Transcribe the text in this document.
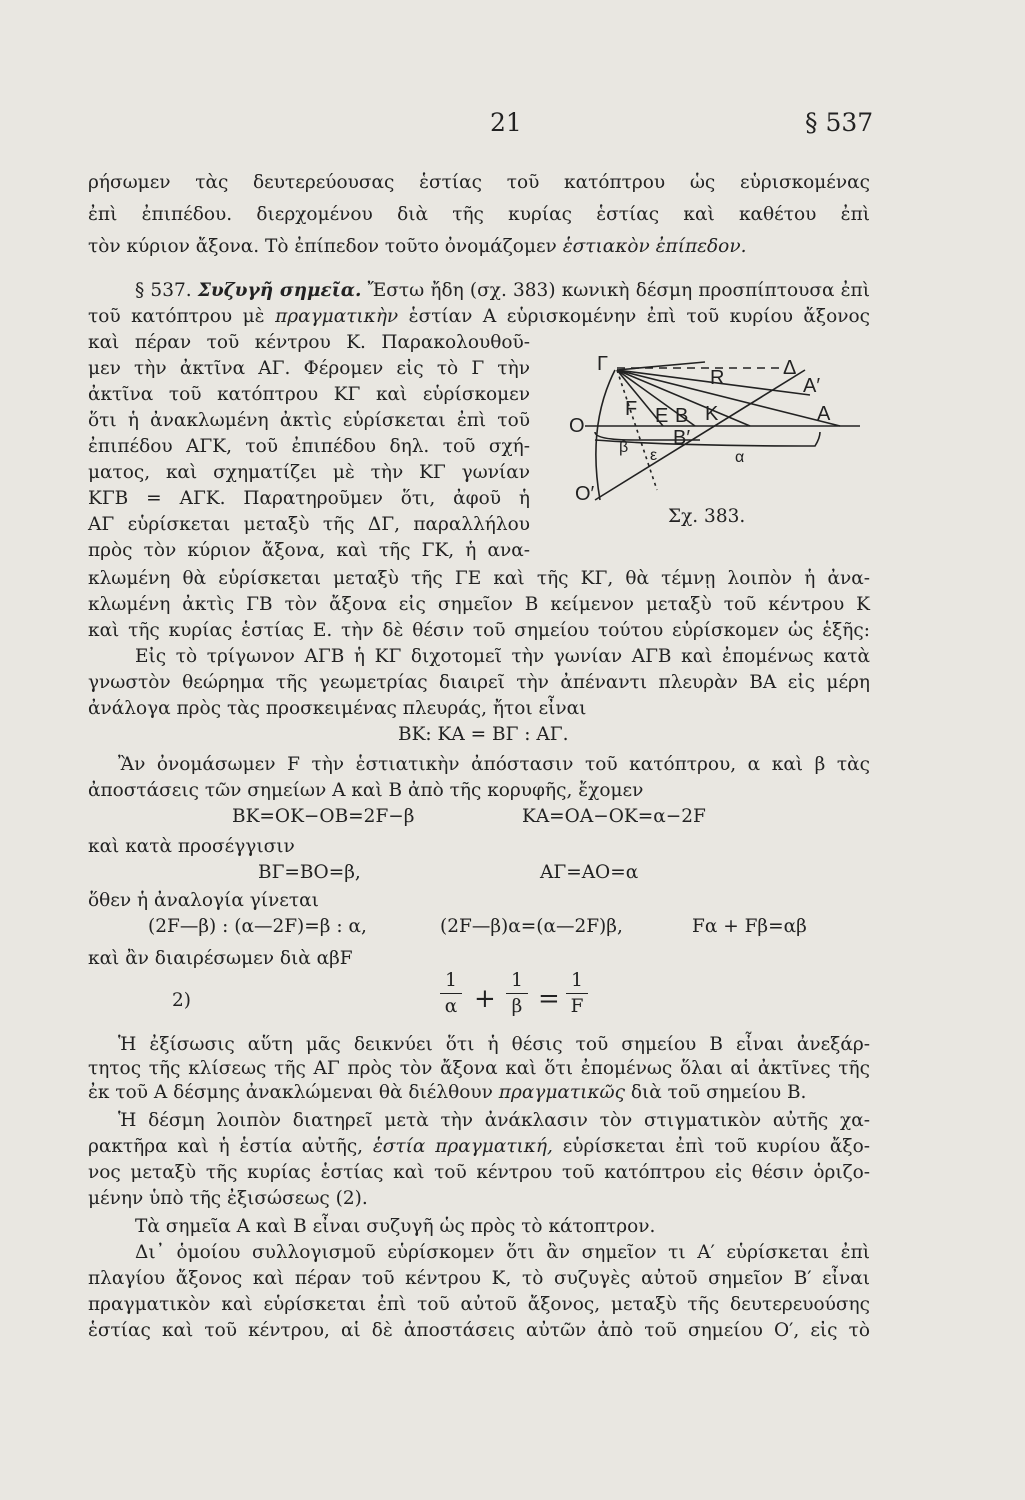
21	§ 537
ρήσωμεν τὰς δευτερεύουσας ἑστίας τοῦ κατόπτρου ὡς εὑρισκομένας
ἐπὶ ἐπιπέδου. διερχομένου διὰ τῆς κυρίας ἑστίας καὶ καθέτου ἐπὶ
τὸν κύριον ἄξονα. Τὸ ἐπίπεδον τοῦτο ὀνομάζομεν ἑστιακὸν ἐπίπεδον.
§ 537. Συζυγῆ σημεῖα. Ἔστω ἤδη (σχ. 383) κωνικὴ δέσμη προσπίπτουσα ἐπὶ
τοῦ κατόπτρου μὲ πραγματικὴν ἑστίαν Α εὑρισκομένην ἐπὶ τοῦ κυρίου ἄξονος
καὶ πέραν τοῦ κέντρου Κ. Παρακολουθοῦ-
μεν τὴν ἀκτῖνα ΑΓ. Φέρομεν εἰς τὸ Γ τὴν
ἀκτῖνα τοῦ κατόπτρου ΚΓ καὶ εὑρίσκομεν
ὅτι ἡ ἀνακλωμένη ἀκτὶς εὑρίσκεται ἐπὶ τοῦ
ἐπιπέδου ΑΓΚ, τοῦ ἐπιπέδου δηλ. τοῦ σχή-
ματος, καὶ σχηματίζει μὲ τὴν ΚΓ γωνίαν
ΚΓΒ = ΑΓΚ. Παρατηροῦμεν ὅτι, ἀφοῦ ἡ
ΑΓ εὑρίσκεται μεταξὺ τῆς ΔΓ, παραλλήλου
πρὸς τὸν κύριον ἄξονα, καὶ τῆς ΓΚ, ἡ ανα-
Γ	Δ
R	Α′
Α
F Ε Β Κ
O
O′
Β′
β ε	α
Σχ. 383.
κλωμένη θὰ εὑρίσκεται μεταξὺ τῆς ΓΕ καὶ τῆς ΚΓ, θὰ τέμνῃ λοιπὸν ἡ ἀνα-
κλωμένη ἀκτὶς ΓΒ τὸν ἄξονα εἰς σημεῖον Β κείμενον μεταξὺ τοῦ κέντρου Κ
καὶ τῆς κυρίας ἑστίας Ε. τὴν δὲ θέσιν τοῦ σημείου τούτου εὑρίσκομεν ὡς ἑξῆς:
Εἰς τὸ τρίγωνον ΑΓΒ ἡ ΚΓ διχοτομεῖ τὴν γωνίαν ΑΓΒ καὶ ἐπομένως κατὰ
γνωστὸν θεώρημα τῆς γεωμετρίας διαιρεῖ τὴν ἀπέναντι πλευρὰν ΒΑ εἰς μέρη
ἀνάλογα πρὸς τὰς προσκειμένας πλευράς, ἤτοι εἶναι
ΒΚ: ΚΑ = ΒΓ : ΑΓ.
Ἂν ὀνομάσωμεν F τὴν ἑστιατικὴν ἀπόστασιν τοῦ κατόπτρου, α καὶ β τὰς
ἀποστάσεις τῶν σημείων Α καὶ Β ἀπὸ τῆς κορυφῆς, ἔχομεν
ΒΚ=ΟΚ−ΟΒ=2F−β	ΚΑ=ΟΑ−ΟΚ=α−2F
καὶ κατὰ προσέγγισιν
ΒΓ=ΒΟ=β,	ΑΓ=ΑΟ=α
ὅθεν ἡ ἀναλογία γίνεται
(2F—β) : (α—2F)=β : α,	(2F—β)α=(α—2F)β,	Fα + Fβ=αβ
καὶ ἂν διαιρέσωμεν διὰ αβF
2)
1
α +
1
β =
1
F
Ἡ ἐξίσωσις αὕτη μᾶς δεικνύει ὅτι ἡ θέσις τοῦ σημείου Β εἶναι ἀνεξάρ-
τητος τῆς κλίσεως τῆς ΑΓ πρὸς τὸν ἄξονα καὶ ὅτι ἐπομένως ὅλαι αἱ ἀκτῖνες τῆς
ἐκ τοῦ Α δέσμης ἀνακλώμεναι θὰ διέλθουν πραγματικῶς διὰ τοῦ σημείου Β.
Ἡ δέσμη λοιπὸν διατηρεῖ μετὰ τὴν ἀνάκλασιν τὸν στιγματικὸν αὐτῆς χα-
ρακτῆρα καὶ ἡ ἑστία αὐτῆς, ἑστία πραγματική, εὑρίσκεται ἐπὶ τοῦ κυρίου ἄξο-
νος μεταξὺ τῆς κυρίας ἑστίας καὶ τοῦ κέντρου τοῦ κατόπτρου εἰς θέσιν ὁριζο-
μένην ὑπὸ τῆς ἐξισώσεως (2).
Τὰ σημεῖα Α καὶ Β εἶναι συζυγῆ ὡς πρὸς τὸ κάτοπτρον.
Δι᾽ ὁμοίου συλλογισμοῦ εὑρίσκομεν ὅτι ἂν σημεῖον τι Α′ εὑρίσκεται ἐπὶ
πλαγίου ἄξονος καὶ πέραν τοῦ κέντρου Κ, τὸ συζυγὲς αὐτοῦ σημεῖον Β′ εἶναι
πραγματικὸν καὶ εὑρίσκεται ἐπὶ τοῦ αὐτοῦ ἄξονος, μεταξὺ τῆς δευτερευούσης
ἑστίας καὶ τοῦ κέντρου, αἱ δὲ ἀποστάσεις αὐτῶν ἀπὸ τοῦ σημείου Ο′, εἰς τὸ
